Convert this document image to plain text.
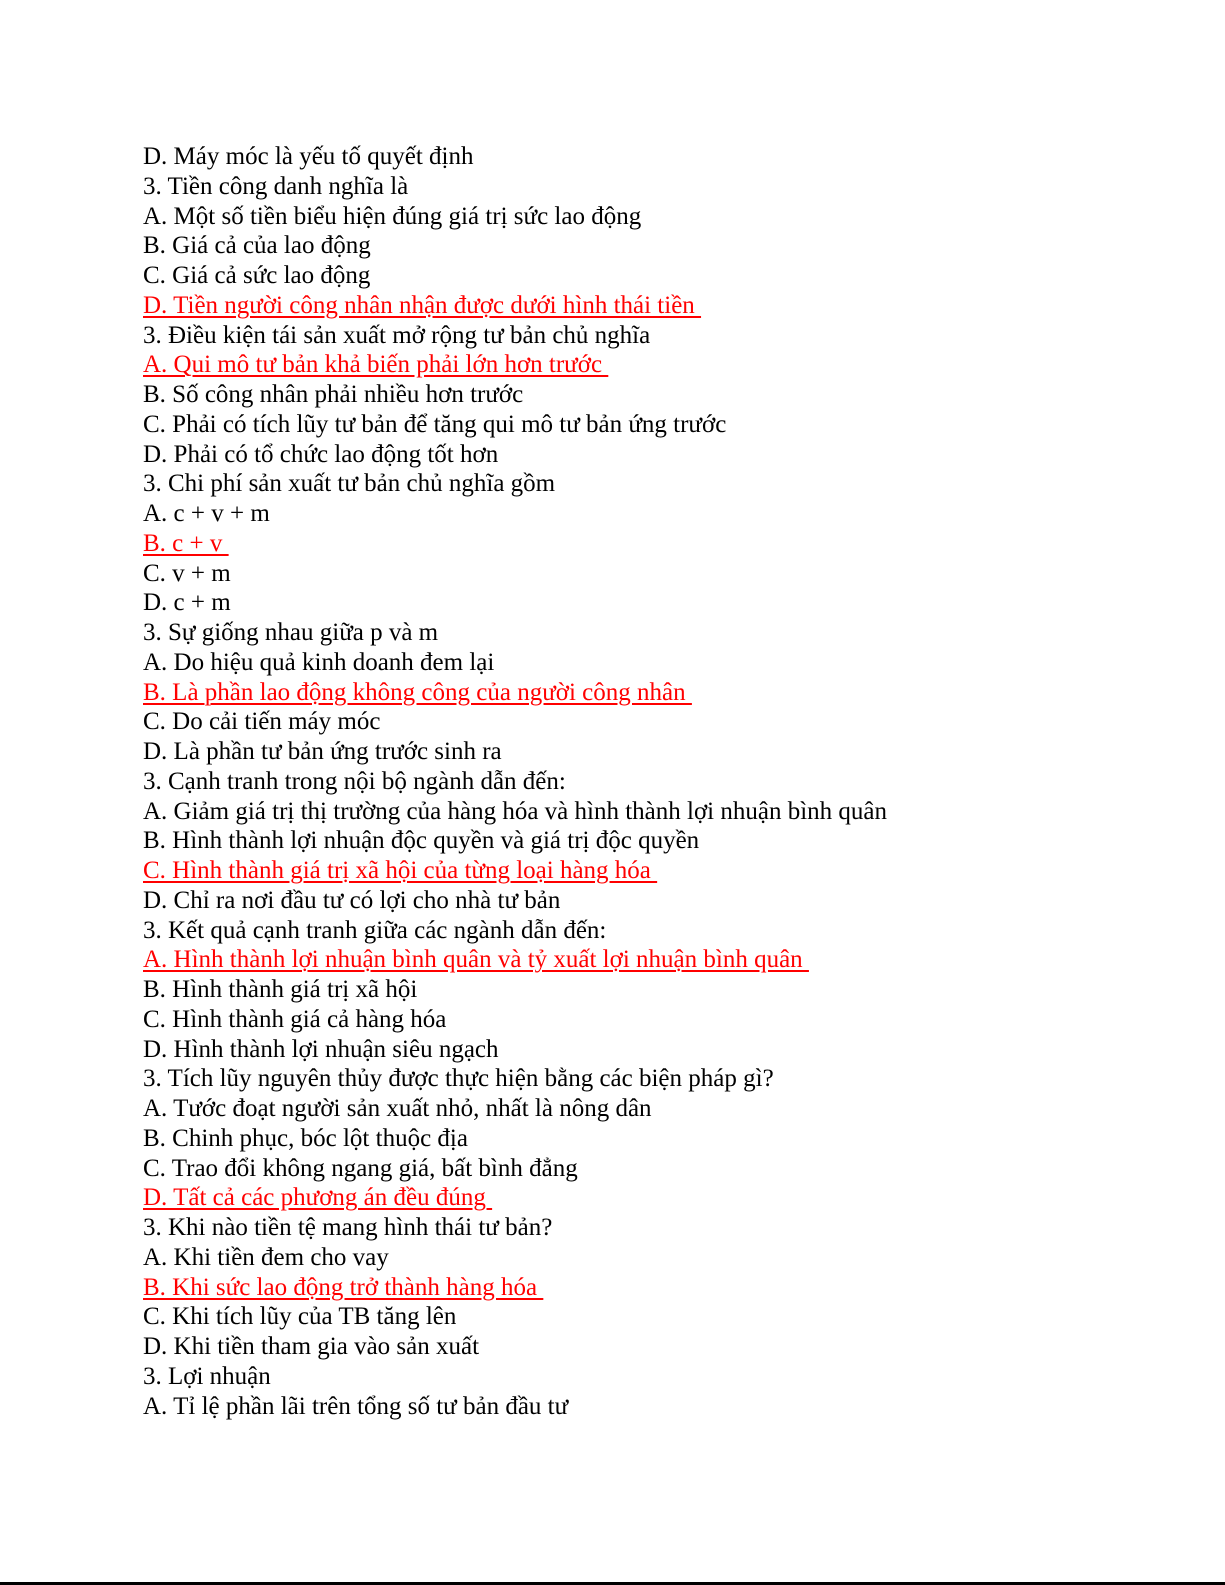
D. Máy móc là yếu tố quyết định
3. Tiền công danh nghĩa là
A. Một số tiền biểu hiện đúng giá trị sức lao động
B. Giá cả của lao động
C. Giá cả sức lao động
D. Tiền người công nhân nhận được dưới hình thái tiền
3. Điều kiện tái sản xuất mở rộng tư bản chủ nghĩa
A. Qui mô tư bản khả biến phải lớn hơn trước
B. Số công nhân phải nhiều hơn trước
C. Phải có tích lũy tư bản để tăng qui mô tư bản ứng trước
D. Phải có tổ chức lao động tốt hơn
3. Chi phí sản xuất tư bản chủ nghĩa gồm
A. c + v + m
B. c + v
C. v + m
D. c + m
3. Sự giống nhau giữa p và m
A. Do hiệu quả kinh doanh đem lại
B. Là phần lao động không công của người công nhân
C. Do cải tiến máy móc
D. Là phần tư bản ứng trước sinh ra
3. Cạnh tranh trong nội bộ ngành dẫn đến:
A. Giảm giá trị thị trường của hàng hóa và hình thành lợi nhuận bình quân
B. Hình thành lợi nhuận độc quyền và giá trị độc quyền
C. Hình thành giá trị xã hội của từng loại hàng hóa
D. Chỉ ra nơi đầu tư có lợi cho nhà tư bản
3. Kết quả cạnh tranh giữa các ngành dẫn đến:
A. Hình thành lợi nhuận bình quân và tỷ xuất lợi nhuận bình quân
B. Hình thành giá trị xã hội
C. Hình thành giá cả hàng hóa
D. Hình thành lợi nhuận siêu ngạch
3. Tích lũy nguyên thủy được thực hiện bằng các biện pháp gì?
A. Tước đoạt người sản xuất nhỏ, nhất là nông dân
B. Chinh phục, bóc lột thuộc địa
C. Trao đổi không ngang giá, bất bình đẳng
D. Tất cả các phương án đều đúng
3. Khi nào tiền tệ mang hình thái tư bản?
A. Khi tiền đem cho vay
B. Khi sức lao động trở thành hàng hóa
C. Khi tích lũy của TB tăng lên
D. Khi tiền tham gia vào sản xuất
3. Lợi nhuận
A. Tỉ lệ phần lãi trên tổng số tư bản đầu tư
